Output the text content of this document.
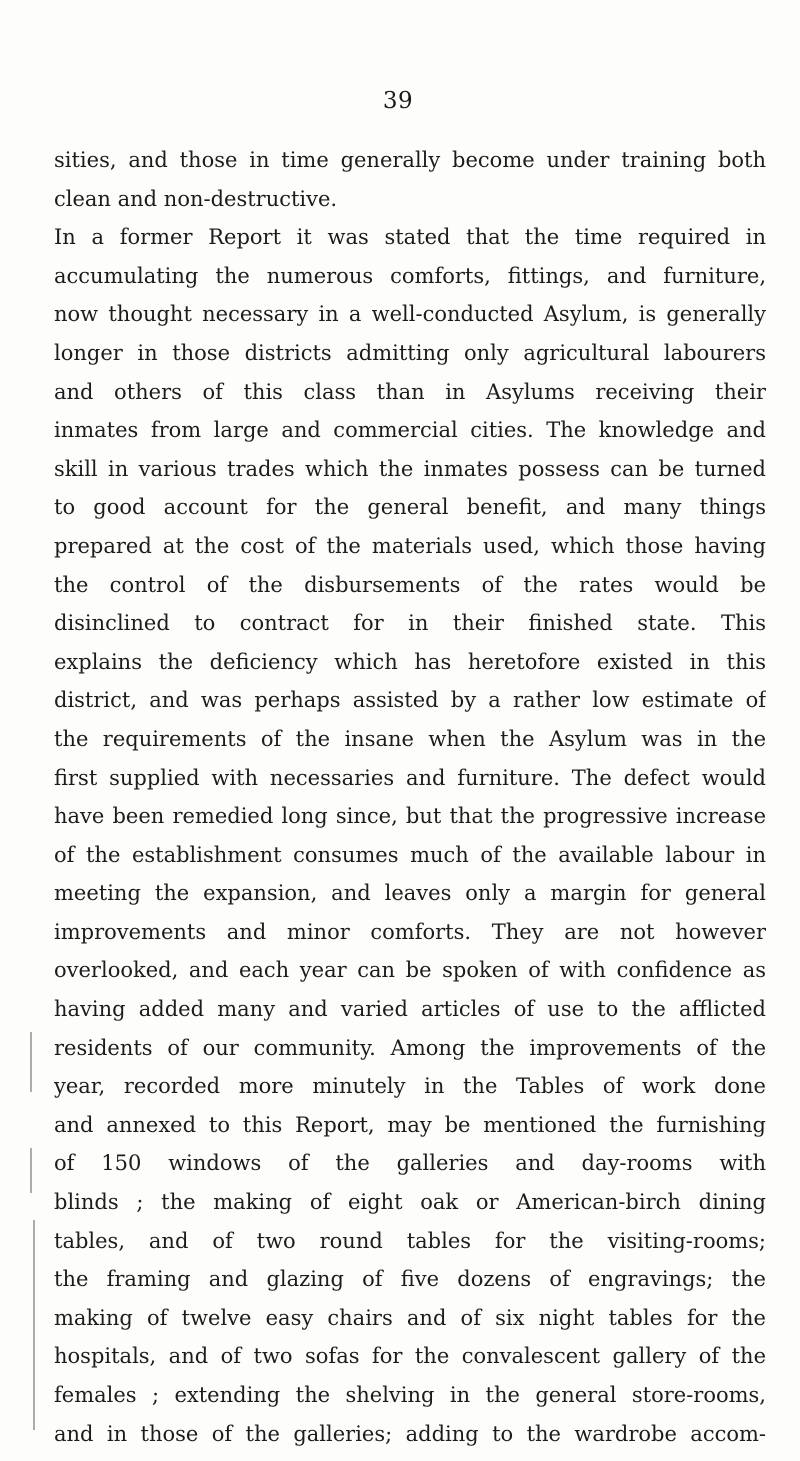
39
sities, and those in time generally become under training both
clean and non-destructive.
In a former Report it was stated that the time required in
accumulating the numerous comforts, fittings, and furniture,
now thought necessary in a well-conducted Asylum, is generally
longer in those districts admitting only agricultural labourers
and others of this class than in Asylums receiving their
inmates from large and commercial cities. The knowledge and
skill in various trades which the inmates possess can be turned
to good account for the general benefit, and many things
prepared at the cost of the materials used, which those having
the control of the disbursements of the rates would be
disinclined to contract for in their finished state. This
explains the deficiency which has heretofore existed in this
district, and was perhaps assisted by a rather low estimate of
the requirements of the insane when the Asylum was in the
first supplied with necessaries and furniture. The defect would
have been remedied long since, but that the progressive increase
of the establishment consumes much of the available labour in
meeting the expansion, and leaves only a margin for general
improvements and minor comforts. They are not however
overlooked, and each year can be spoken of with confidence as
having added many and varied articles of use to the afflicted
residents of our community. Among the improvements of the
year, recorded more minutely in the Tables of work done
and annexed to this Report, may be mentioned the furnishing
of 150 windows of the galleries and day-rooms with
blinds ; the making of eight oak or American-birch dining
tables, and of two round tables for the visiting-rooms;
the framing and glazing of five dozens of engravings; the
making of twelve easy chairs and of six night tables for the
hospitals, and of two sofas for the convalescent gallery of the
females ; extending the shelving in the general store-rooms,
and in those of the galleries; adding to the wardrobe accom-
